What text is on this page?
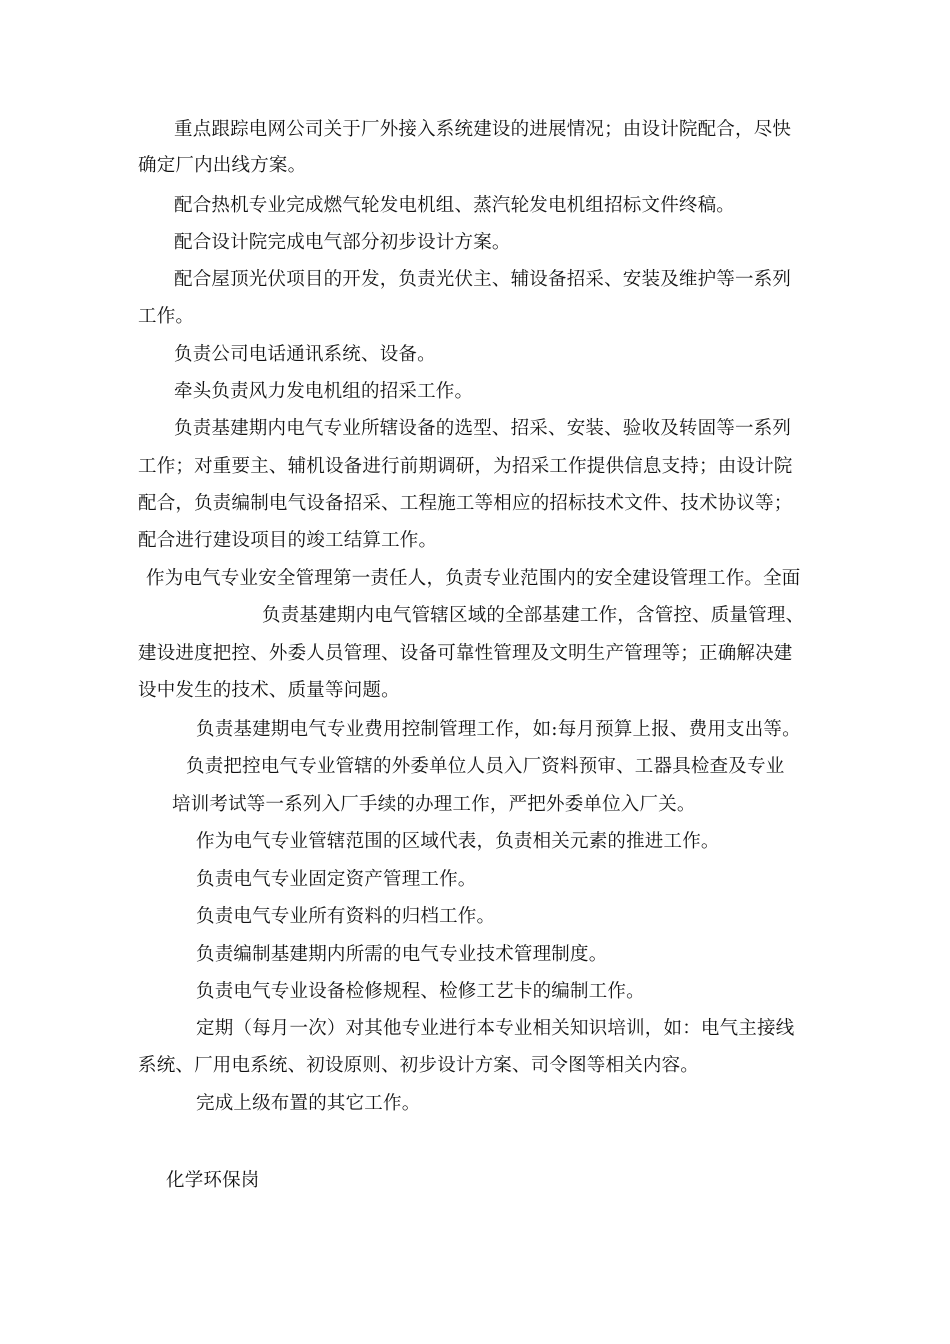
重点跟踪电网公司关于厂外接入系统建设的进展情况；由设计院配合，尽快
确定厂内出线方案。
配合热机专业完成燃气轮发电机组、蒸汽轮发电机组招标文件终稿。
配合设计院完成电气部分初步设计方案。
配合屋顶光伏项目的开发，负责光伏主、辅设备招采、安装及维护等一系列
工作。
负责公司电话通讯系统、设备。
牵头负责风力发电机组的招采工作。
负责基建期内电气专业所辖设备的选型、招采、安装、验收及转固等一系列
工作；对重要主、辅机设备进行前期调研，为招采工作提供信息支持；由设计院
配合，负责编制电气设备招采、工程施工等相应的招标技术文件、技术协议等；
配合进行建设项目的竣工结算工作。
作为电气专业安全管理第一责任人，负责专业范围内的安全建设管理工作。全面
负责基建期内电气管辖区域的全部基建工作，含管控、质量管理、
建设进度把控、外委人员管理、设备可靠性管理及文明生产管理等；正确解决建
设中发生的技术、质量等问题。
负责基建期电气专业费用控制管理工作，如:每月预算上报、费用支出等。
负责把控电气专业管辖的外委单位人员入厂资料预审、工器具检查及专业
培训考试等一系列入厂手续的办理工作，严把外委单位入厂关。
作为电气专业管辖范围的区域代表，负责相关元素的推进工作。
负责电气专业固定资产管理工作。
负责电气专业所有资料的归档工作。
负责编制基建期内所需的电气专业技术管理制度。
负责电气专业设备检修规程、检修工艺卡的编制工作。
定期（每月一次）对其他专业进行本专业相关知识培训，如：电气主接线
系统、厂用电系统、初设原则、初步设计方案、司令图等相关内容。
完成上级布置的其它工作。
化学环保岗
